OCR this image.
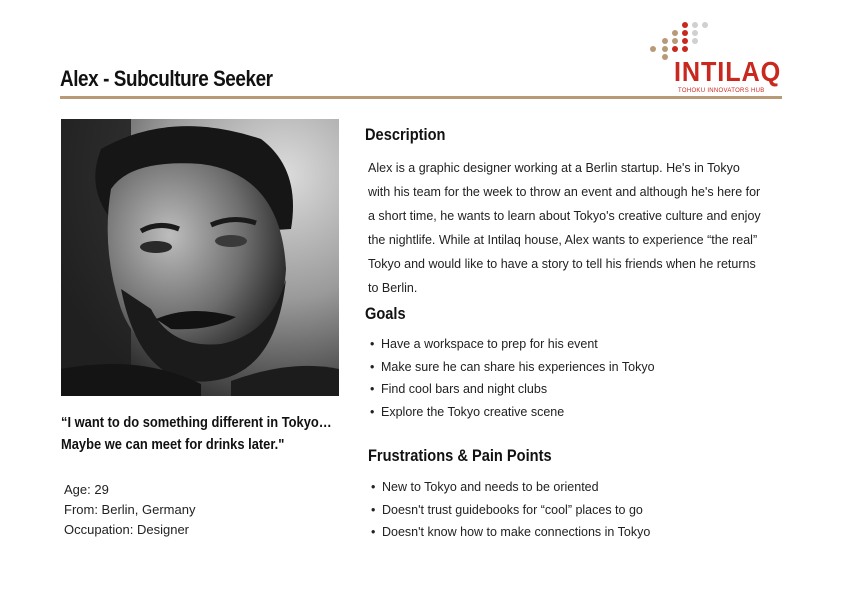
Alex - Subculture Seeker	INTILAQ
TOHOKU INNOVATORS HUB
“I want to do something different in Tokyo…
Maybe we can meet for drinks later."
Age: 29
From: Berlin, Germany
Occupation: Designer
Description
Alex is a graphic designer working at a Berlin startup. He's in Tokyo
with his team for the week to throw an event and although he's here for
a short time, he wants to learn about Tokyo's creative culture and enjoy
the nightlife. While at Intilaq house, Alex wants to experience “the real”
Tokyo and would like to have a story to tell his friends when he returns
to Berlin.
Goals
• Have a workspace to prep for his event
• Make sure he can share his experiences in Tokyo
• Find cool bars and night clubs
• Explore the Tokyo creative scene
Frustrations & Pain Points
• New to Tokyo and needs to be oriented
• Doesn't trust guidebooks for “cool” places to go
• Doesn't know how to make connections in Tokyo
